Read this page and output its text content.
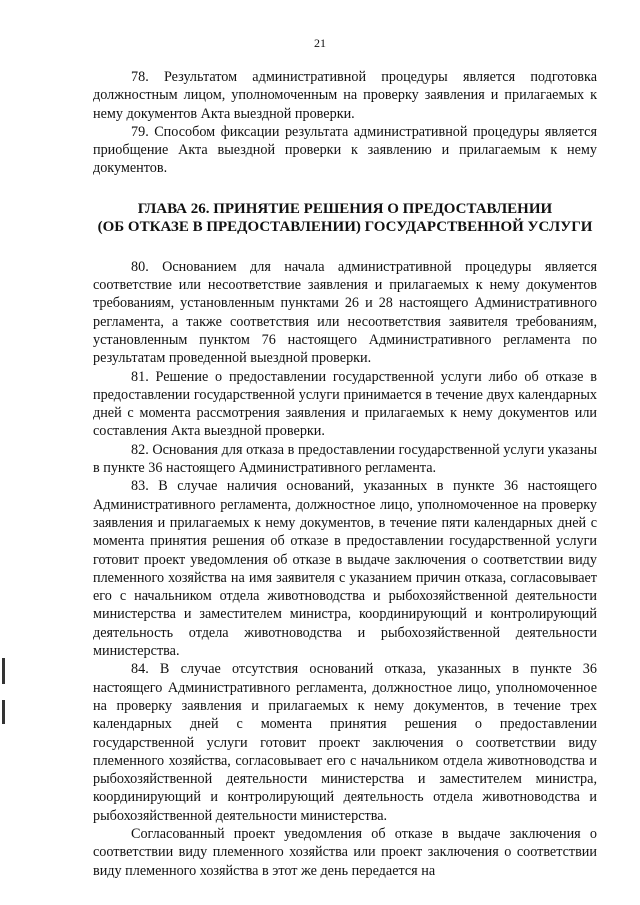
21

78. Результатом административной процедуры является подготовка должностным лицом, уполномоченным на проверку заявления и прилагаемых к нему документов Акта выездной проверки.

79. Способом фиксации результата административной процедуры является приобщение Акта выездной проверки к заявлению и прилагаемым к нему документов.

ГЛАВА 26. ПРИНЯТИЕ РЕШЕНИЯ О ПРЕДОСТАВЛЕНИИ
(ОБ ОТКАЗЕ В ПРЕДОСТАВЛЕНИИ) ГОСУДАРСТВЕННОЙ УСЛУГИ

80. Основанием для начала административной процедуры является соответствие или несоответствие заявления и прилагаемых к нему документов требованиям, установленным пунктами 26 и 28 настоящего Административного регламента, а также соответствия или несоответствия заявителя требованиям, установленным пунктом 76 настоящего Административного регламента по результатам проведенной выездной проверки.

81. Решение о предоставлении государственной услуги либо об отказе в предоставлении государственной услуги принимается в течение двух календарных дней с момента рассмотрения заявления и прилагаемых к нему документов или составления Акта выездной проверки.

82. Основания для отказа в предоставлении государственной услуги указаны в пункте 36 настоящего Административного регламента.

83. В случае наличия оснований, указанных в пункте 36 настоящего Административного регламента, должностное лицо, уполномоченное на проверку заявления и прилагаемых к нему документов, в течение пяти календарных дней с момента принятия решения об отказе в предоставлении государственной услуги готовит проект уведомления об отказе в выдаче заключения о соответствии виду племенного хозяйства на имя заявителя с указанием причин отказа, согласовывает его с начальником отдела животноводства и рыбохозяйственной деятельности министерства и заместителем министра, координирующий и контролирующий деятельность отдела животноводства и рыбохозяйственной деятельности министерства.

84. В случае отсутствия оснований отказа, указанных в пункте 36 настоящего Административного регламента, должностное лицо, уполномоченное на проверку заявления и прилагаемых к нему документов, в течение трех календарных дней с момента принятия решения о предоставлении государственной услуги готовит проект заключения о соответствии виду племенного хозяйства, согласовывает его с начальником отдела животноводства и рыбохозяйственной деятельности министерства и заместителем министра, координирующий и контролирующий деятельность отдела животноводства и рыбохозяйственной деятельности министерства.

Согласованный проект уведомления об отказе в выдаче заключения о соответствии виду племенного хозяйства или проект заключения о соответствии виду племенного хозяйства в этот же день передается на
